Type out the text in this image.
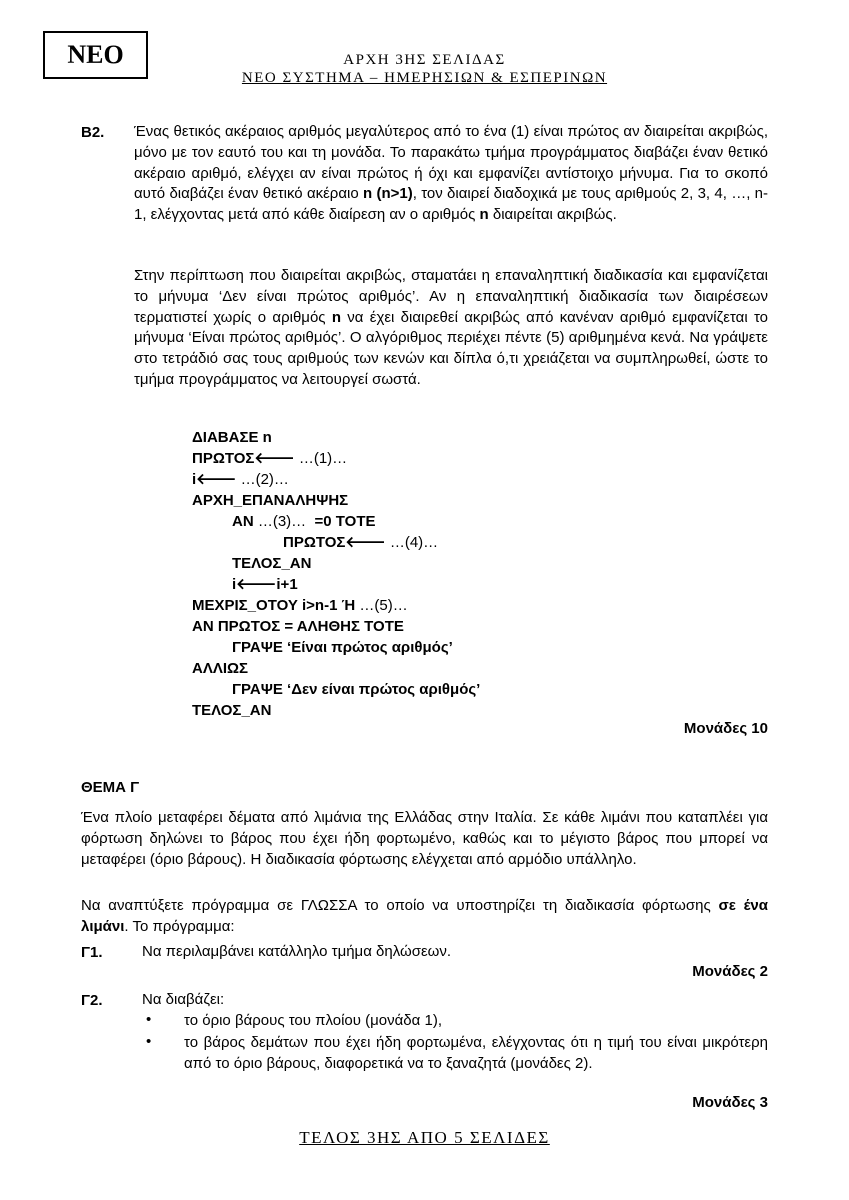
ΝΕΟ	ΑΡΧΗ 3ΗΣ ΣΕΛΙΔΑΣ
ΝΕΟ ΣΥΣΤΗΜΑ – ΗΜΕΡΗΣΙΩΝ & ΕΣΠΕΡΙΝΩΝ
Β2. Ένας θετικός ακέραιος αριθμός μεγαλύτερος από το ένα (1) είναι πρώτος αν διαιρείται ακριβώς, μόνο με τον εαυτό του και τη μονάδα. Το παρακάτω τμήμα προγράμματος διαβάζει έναν θετικό ακέραιο αριθμό, ελέγχει αν είναι πρώτος ή όχι και εμφανίζει αντίστοιχο μήνυμα. Για το σκοπό αυτό διαβάζει έναν θετικό ακέραιο n (n>1), τον διαιρεί διαδοχικά με τους αριθμούς 2, 3, 4, …, n-1, ελέγχοντας μετά από κάθε διαίρεση αν ο αριθμός n διαιρείται ακριβώς.

Στην περίπτωση που διαιρείται ακριβώς, σταματάει η επαναληπτική διαδικασία και εμφανίζεται το μήνυμα ‘Δεν είναι πρώτος αριθμός’. Αν η επαναληπτική διαδικασία των διαιρέσεων τερματιστεί χωρίς ο αριθμός n να έχει διαιρεθεί ακριβώς από κανέναν αριθμό εμφανίζεται το μήνυμα ‘Είναι πρώτος αριθμός’. Ο αλγόριθμος περιέχει πέντε (5) αριθμημένα κενά. Να γράψετε στο τετράδιό σας τους αριθμούς των κενών και δίπλα ό,τι χρειάζεται να συμπληρωθεί, ώστε το τμήμα προγράμματος να λειτουργεί σωστά.

ΔΙΑΒΑΣΕ n
ΠΡΩΤΟΣ🡐 …(1)…
i🡐 …(2)…
ΑΡΧΗ_ΕΠΑΝΑΛΗΨΗΣ
ΑΝ …(3)…  =0 ΤΟΤΕ
ΠΡΩΤΟΣ🡐 …(4)…
ΤΕΛΟΣ_ΑΝ
i🡐i+1
ΜΕΧΡΙΣ_ΟΤΟΥ i>n-1 Ή …(5)…
ΑΝ ΠΡΩΤΟΣ = ΑΛΗΘΗΣ ΤΟΤΕ
ΓΡΑΨΕ ‘Είναι πρώτος αριθμός’
ΑΛΛΙΩΣ
ΓΡΑΨΕ ‘Δεν είναι πρώτος αριθμός’
ΤΕΛΟΣ_ΑΝ
Μονάδες 10
ΘΕΜΑ Γ

Ένα πλοίο μεταφέρει δέματα από λιμάνια της Ελλάδας στην Ιταλία. Σε κάθε λιμάνι που καταπλέει για φόρτωση δηλώνει το βάρος που έχει ήδη φορτωμένο, καθώς και το μέγιστο βάρος που μπορεί να μεταφέρει (όριο βάρους). Η διαδικασία φόρτωσης ελέγχεται από αρμόδιο υπάλληλο.

Να αναπτύξετε πρόγραμμα σε ΓΛΩΣΣΑ το οποίο να υποστηρίζει τη διαδικασία φόρτωσης σε ένα λιμάνι. Το πρόγραμμα:

Γ1.	Να περιλαμβάνει κατάλληλο τμήμα δηλώσεων.
Μονάδες 2
Γ2.	Να διαβάζει:
• το όριο βάρους του πλοίου (μονάδα 1),
• το βάρος δεμάτων που έχει ήδη φορτωμένα, ελέγχοντας ότι η τιμή του είναι μικρότερη από το όριο βάρους, διαφορετικά να το ξαναζητά (μονάδες 2).
Μονάδες 3
ΤΕΛΟΣ 3ΗΣ ΑΠΟ 5 ΣΕΛΙΔΕΣ
